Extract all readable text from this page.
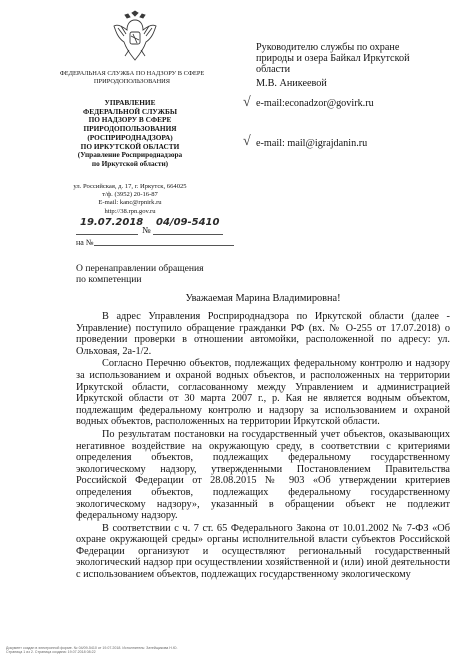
ФЕДЕРАЛЬНАЯ СЛУЖБА ПО НАДЗОРУ В СФЕРЕ ПРИРОДОПОЛЬЗОВАНИЯ
УПРАВЛЕНИЕ
ФЕДЕРАЛЬНОЙ СЛУЖБЫ
ПО НАДЗОРУ В СФЕРЕ
ПРИРОДОПОЛЬЗОВАНИЯ
(РОСПРИРОДНАДЗОРА)
ПО ИРКУТСКОЙ ОБЛАСТИ
(Управление Росприроднадзора
по Иркутской области)
ул. Российская, д. 17, г. Иркутск, 664025
т/ф. (3952) 20-16-87
E-mail: kanc@rpnirk.ru
http://38.rpn.gov.ru
19.07.2018
№
04/09-5410
на №
Руководителю службы по охране
природы и озера Байкал Иркутской
области
М.В. Аникеевой
√ e-mail:econadzor@govirk.ru
√ e-mail: mail@igrajdanin.ru
О перенаправлении обращения
по компетенции
Уважаемая Марина Владимировна!

В адрес Управления Росприроднадзора по Иркутской области (далее - Управление) поступило обращение гражданки РФ (вх. № О-255 от 17.07.2018) о проведении проверки в отношении автомойки, расположенной по адресу: ул. Ольховая, 2а-1/2.

Согласно Перечню объектов, подлежащих федеральному контролю и надзору за использованием и охраной водных объектов, и расположенных на территории Иркутской области, согласованному между Управлением и администрацией Иркутской области от 30 марта 2007 г., р. Кая не является водным объектом, подлежащим федеральному контролю и надзору за использованием и охраной водных объектов, расположенных на территории Иркутской области.

По результатам постановки на государственный учет объектов, оказывающих негативное воздействие на окружающую среду, в соответствии с критериями определения объектов, подлежащих федеральному государственному экологическому надзору, утвержденными Постановлением Правительства Российской Федерации от 28.08.2015 № 903 «Об утверждении критериев определения объектов, подлежащих федеральному государственному экологическому надзору», указанный в обращении объект не подлежит федеральному надзору.

В соответствии с ч. 7 ст. 65 Федерального Закона от 10.01.2002 № 7-ФЗ «Об охране окружающей среды» органы исполнительной власти субъектов Российской Федерации организуют и осуществляют региональный государственный экологический надзор при осуществлении хозяйственной и (или) иной деятельности с использованием объектов, подлежащих государственному экологическому

Документ создан в электронной форме. № 04/09-5410 от 19.07.2018. Исполнитель: Затейщикова Н.Ю.
Страница 1 из 2. Страница создана: 19.07.2018 08:22
